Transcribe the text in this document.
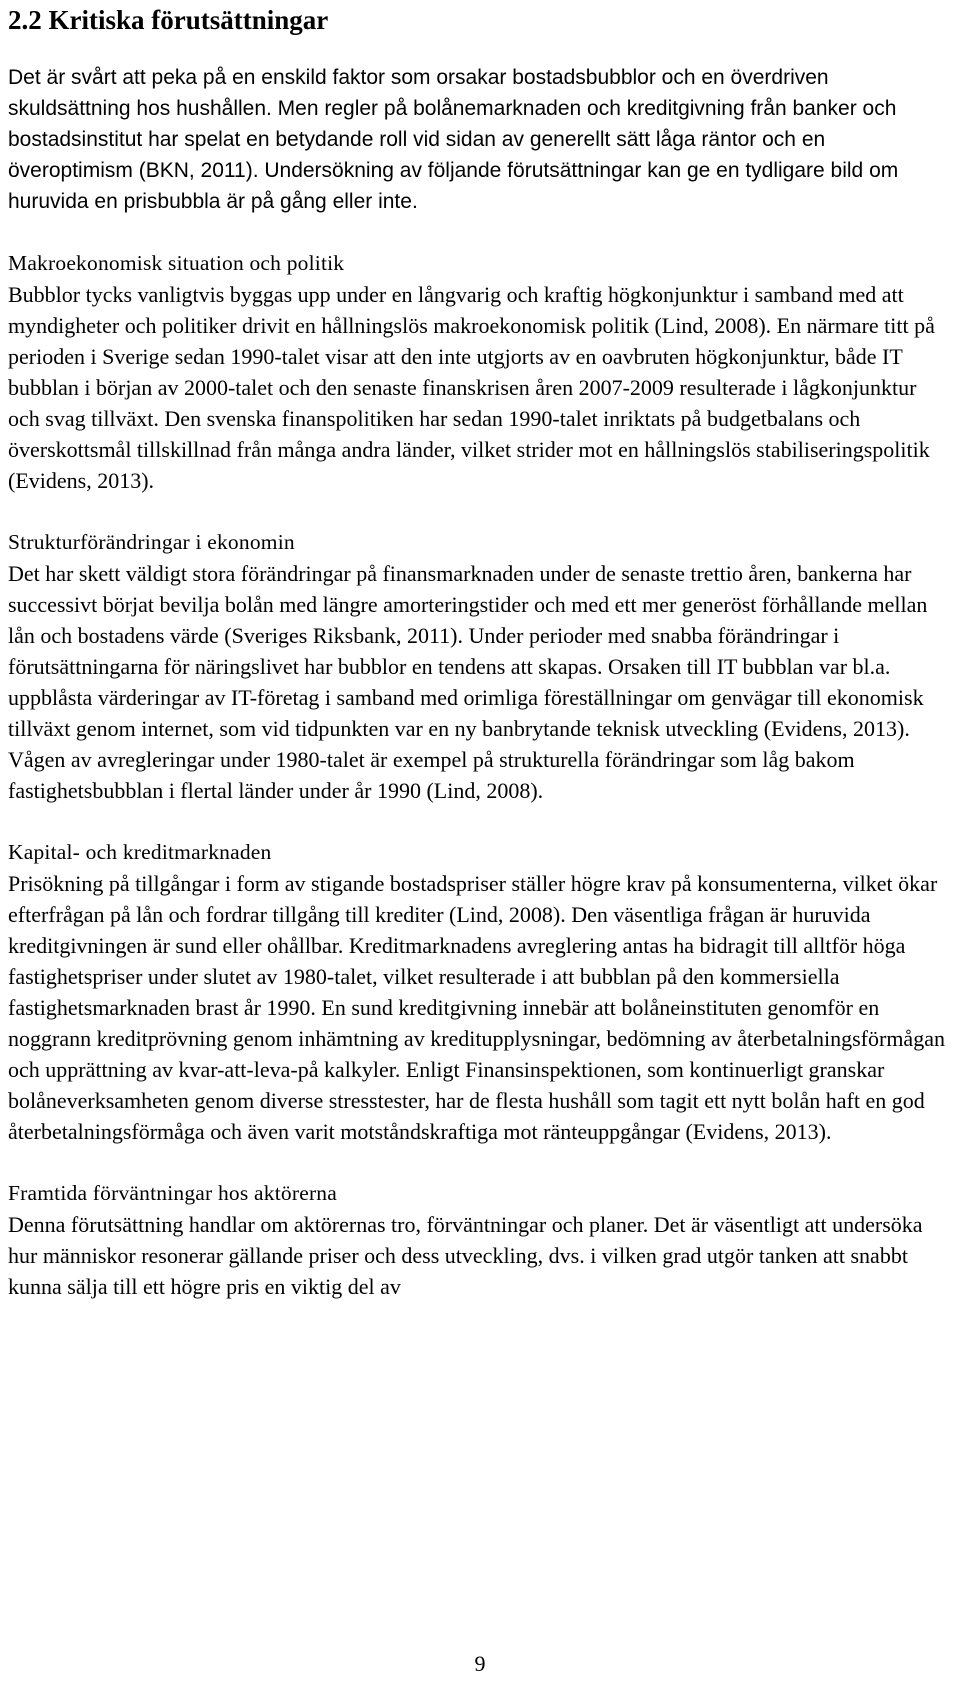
2.2 Kritiska förutsättningar

Det är svårt att peka på en enskild faktor som orsakar bostadsbubblor och en överdriven skuldsättning hos hushållen. Men regler på bolånemarknaden och kreditgivning från banker och bostadsinstitut har spelat en betydande roll vid sidan av generellt sätt låga räntor och en överoptimism (BKN, 2011). Undersökning av följande förutsättningar kan ge en tydligare bild om huruvida en prisbubbla är på gång eller inte.

Makroekonomisk situation och politik

Bubblor tycks vanligtvis byggas upp under en långvarig och kraftig högkonjunktur i samband med att myndigheter och politiker drivit en hållningslös makroekonomisk politik (Lind, 2008). En närmare titt på perioden i Sverige sedan 1990-talet visar att den inte utgjorts av en oavbruten högkonjunktur, både IT bubblan i början av 2000-talet och den senaste finanskrisen åren 2007-2009 resulterade i lågkonjunktur och svag tillväxt. Den svenska finanspolitiken har sedan 1990-talet inriktats på budgetbalans och överskottsmål tillskillnad från många andra länder, vilket strider mot en hållningslös stabiliseringspolitik (Evidens, 2013).

Strukturförändringar i ekonomin

Det har skett väldigt stora förändringar på finansmarknaden under de senaste trettio åren, bankerna har successivt börjat bevilja bolån med längre amorteringstider och med ett mer generöst förhållande mellan lån och bostadens värde (Sveriges Riksbank, 2011). Under perioder med snabba förändringar i förutsättningarna för näringslivet har bubblor en tendens att skapas. Orsaken till IT bubblan var bl.a. uppblåsta värderingar av IT-företag i samband med orimliga föreställningar om genvägar till ekonomisk tillväxt genom internet, som vid tidpunkten var en ny banbrytande teknisk utveckling (Evidens, 2013). Vågen av avregleringar under 1980-talet är exempel på strukturella förändringar som låg bakom fastighetsbubblan i flertal länder under år 1990 (Lind, 2008).

Kapital- och kreditmarknaden

Prisökning på tillgångar i form av stigande bostadspriser ställer högre krav på konsumenterna, vilket ökar efterfrågan på lån och fordrar tillgång till krediter (Lind, 2008). Den väsentliga frågan är huruvida kreditgivningen är sund eller ohållbar. Kreditmarknadens avreglering antas ha bidragit till alltför höga fastighetspriser under slutet av 1980-talet, vilket resulterade i att bubblan på den kommersiella fastighetsmarknaden brast år 1990. En sund kreditgivning innebär att bolåneinstituten genomför en noggrann kreditprövning genom inhämtning av kreditupplysningar, bedömning av återbetalningsförmågan och upprättning av kvar-att-leva-på kalkyler. Enligt Finansinspektionen, som kontinuerligt granskar bolåneverksamheten genom diverse stresstester, har de flesta hushåll som tagit ett nytt bolån haft en god återbetalningsförmåga och även varit motståndskraftiga mot ränteuppgångar (Evidens, 2013).

Framtida förväntningar hos aktörerna

Denna förutsättning handlar om aktörernas tro, förväntningar och planer. Det är väsentligt att undersöka hur människor resonerar gällande priser och dess utveckling, dvs. i vilken grad utgör tanken att snabbt kunna sälja till ett högre pris en viktig del av

9
